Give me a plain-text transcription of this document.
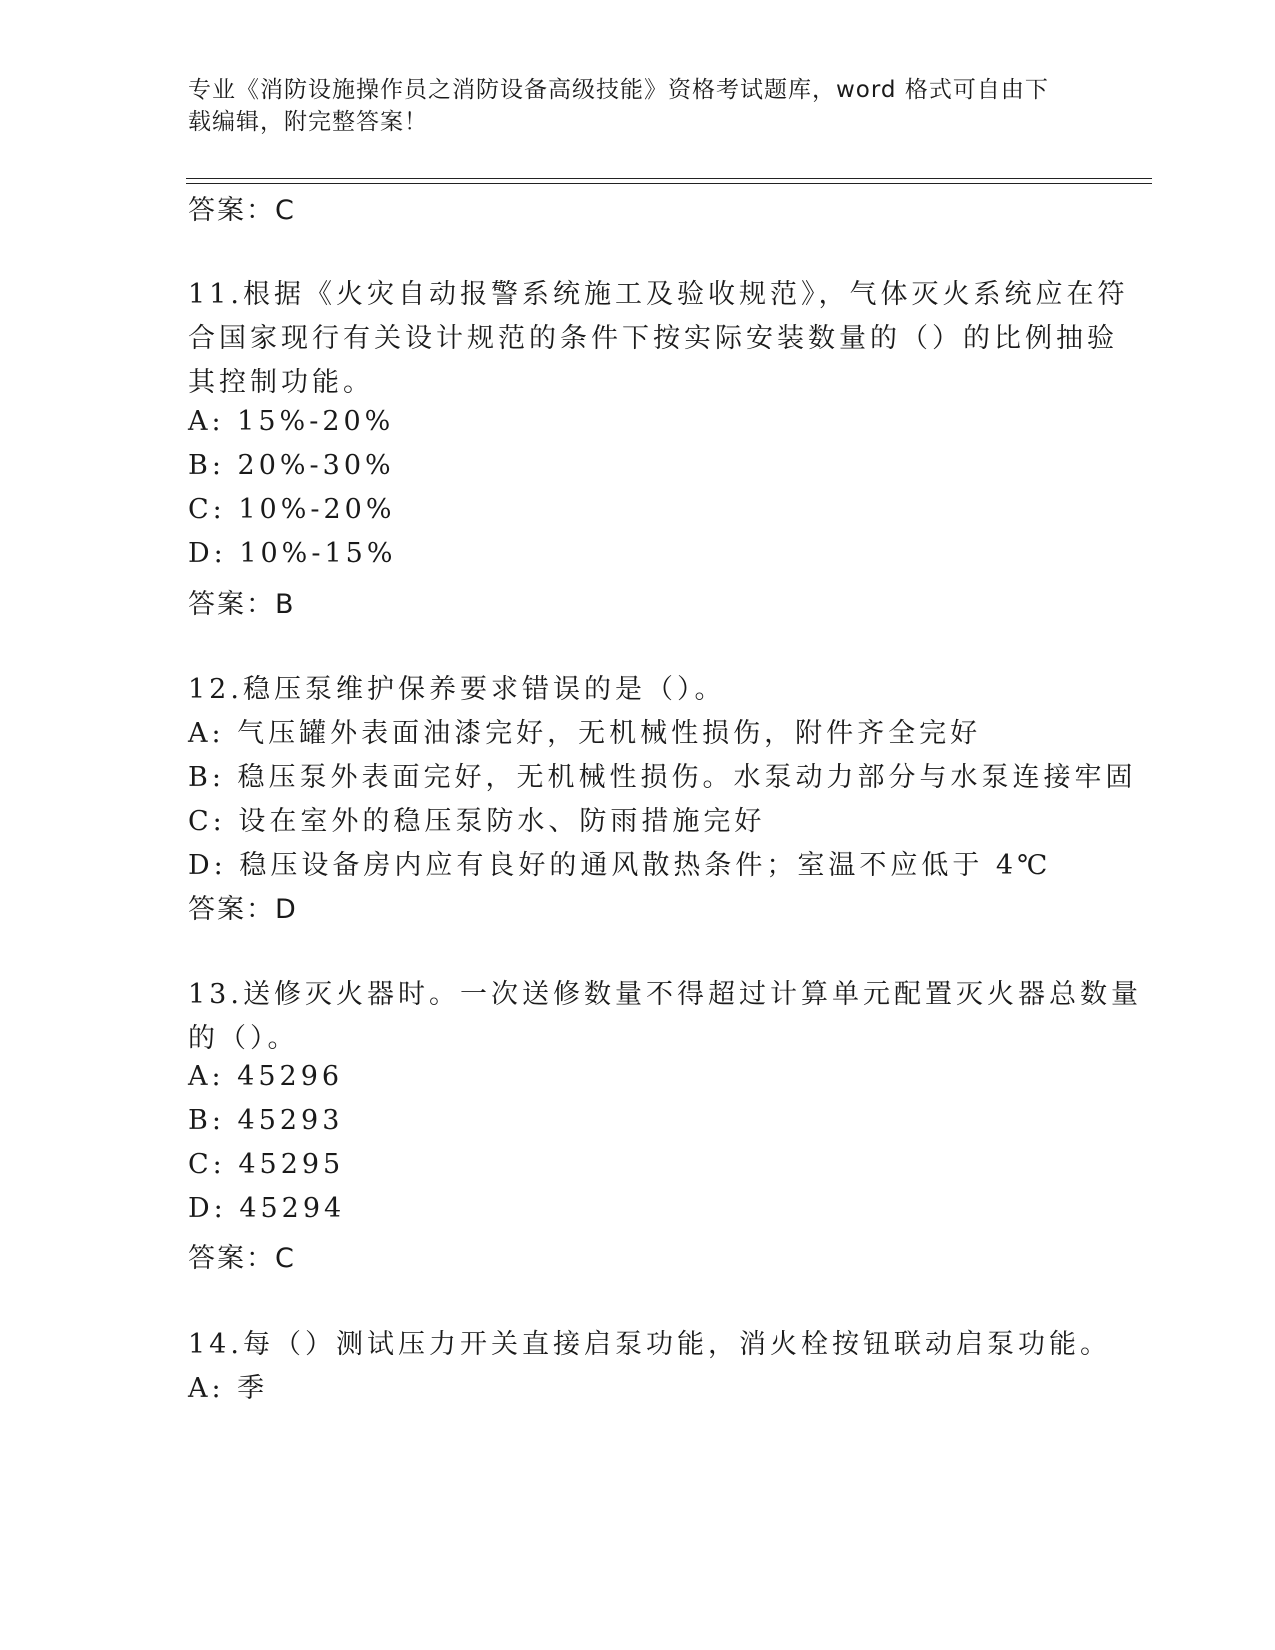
专业《消防设施操作员之消防设备高级技能》资格考试题库，word 格式可自由下
载编辑，附完整答案！
答案：C
11.根据《火灾自动报警系统施工及验收规范》，气体灭火系统应在符
合国家现行有关设计规范的条件下按实际安装数量的（）的比例抽验
其控制功能。
A: 15%-20%
B: 20%-30%
C: 10%-20%
D: 10%-15%
答案：B
12.稳压泵维护保养要求错误的是（）。
A: 气压罐外表面油漆完好，无机械性损伤，附件齐全完好
B: 稳压泵外表面完好，无机械性损伤。水泵动力部分与水泵连接牢固
C: 设在室外的稳压泵防水、防雨措施完好
D: 稳压设备房内应有良好的通风散热条件；室温不应低于 4℃
答案：D
13.送修灭火器时。一次送修数量不得超过计算单元配置灭火器总数量
的（）。
A: 45296
B: 45293
C: 45295
D: 45294
答案：C
14.每（）测试压力开关直接启泵功能，消火栓按钮联动启泵功能。
A: 季
